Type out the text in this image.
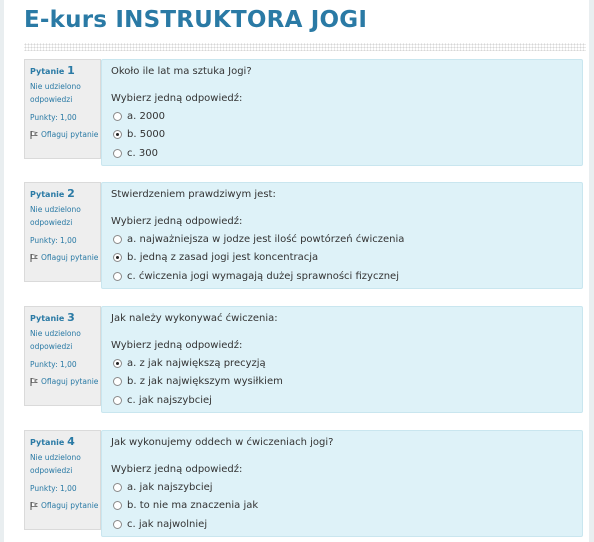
E-kurs INSTRUKTORA JOGI
Pytanie 1
Nie udzielono odpowiedzi
Punkty: 1,00
Oflaguj pytanie
Około ile lat ma sztuka Jogi?
Wybierz jedną odpowiedź:
a. 2000
b. 5000
c. 300
Pytanie 2
Nie udzielono odpowiedzi
Punkty: 1,00
Oflaguj pytanie
Stwierdzeniem prawdziwym jest:
Wybierz jedną odpowiedź:
a. najważniejsza w jodze jest ilość powtórzeń ćwiczenia
b. jedną z zasad jogi jest koncentracja
c. ćwiczenia jogi wymagają dużej sprawności fizycznej
Pytanie 3
Nie udzielono odpowiedzi
Punkty: 1,00
Oflaguj pytanie
Jak należy wykonywać ćwiczenia:
Wybierz jedną odpowiedź:
a. z jak największą precyzją
b. z jak największym wysiłkiem
c. jak najszybciej
Pytanie 4
Nie udzielono odpowiedzi
Punkty: 1,00
Oflaguj pytanie
Jak wykonujemy oddech w ćwiczeniach jogi?
Wybierz jedną odpowiedź:
a. jak najszybciej
b. to nie ma znaczenia jak
c. jak najwolniej
